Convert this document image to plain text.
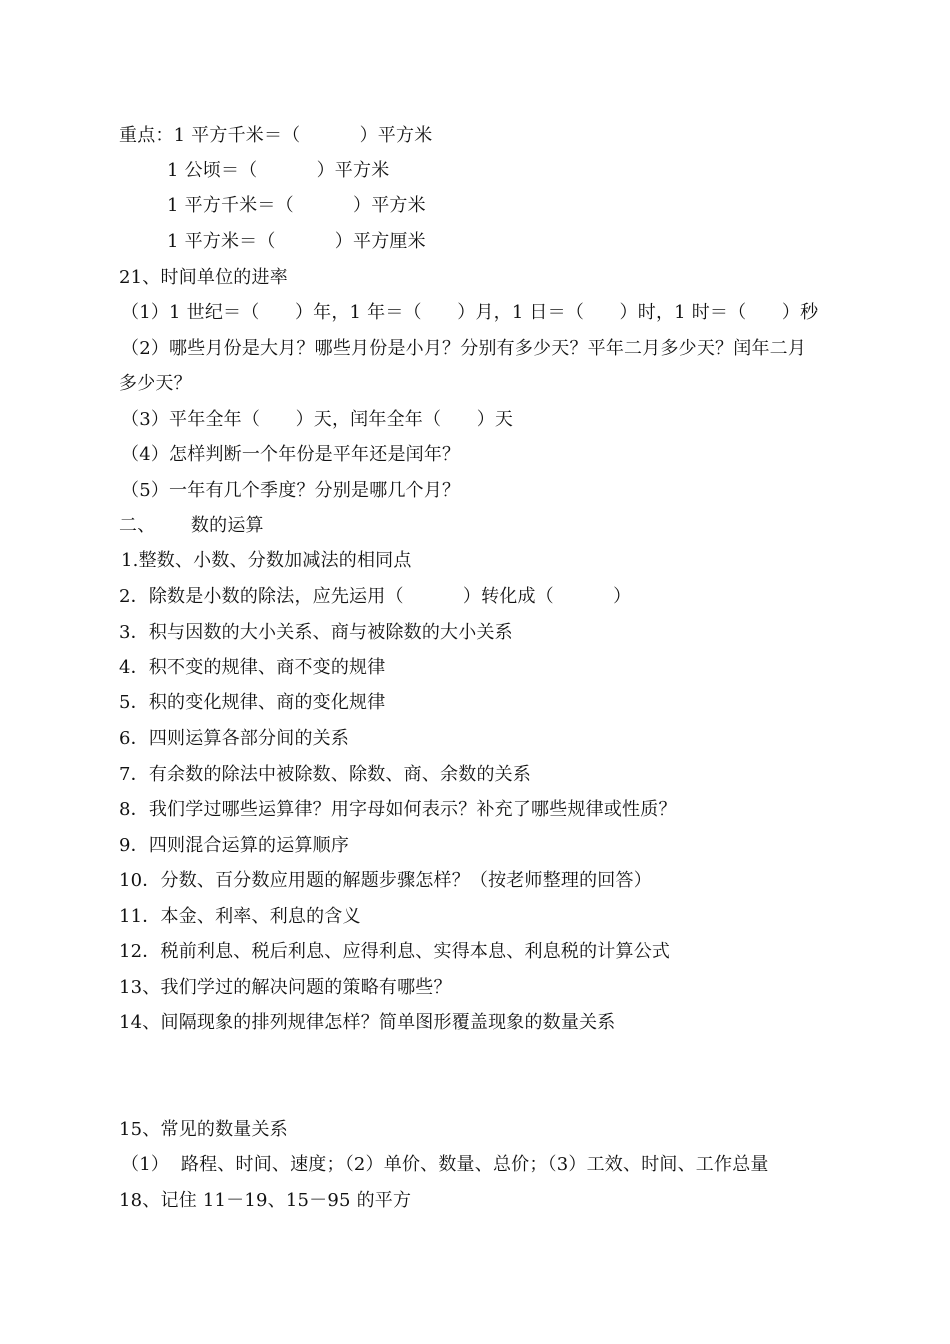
重点：1 平方千米＝（          ）平方米
1 公顷＝（          ）平方米
1 平方千米＝（          ）平方米
1 平方米＝（          ）平方厘米
21、时间单位的进率
（1）1 世纪＝（      ）年，1 年＝（      ）月，1 日＝（      ）时，1 时＝（      ）秒
（2）哪些月份是大月？哪些月份是小月？分别有多少天？平年二月多少天？闰年二月
多少天？
（3）平年全年（      ）天，闰年全年（      ）天
（4）怎样判断一个年份是平年还是闰年？
（5）一年有几个季度？分别是哪几个月？
二、      数的运算
1.整数、小数、分数加减法的相同点
2．除数是小数的除法，应先运用（          ）转化成（          ）
3．积与因数的大小关系、商与被除数的大小关系
4．积不变的规律、商不变的规律
5．积的变化规律、商的变化规律
6．四则运算各部分间的关系
7．有余数的除法中被除数、除数、商、余数的关系
8．我们学过哪些运算律？用字母如何表示？补充了哪些规律或性质？
9．四则混合运算的运算顺序
10．分数、百分数应用题的解题步骤怎样？（按老师整理的回答）
11．本金、利率、利息的含义
12．税前利息、税后利息、应得利息、实得本息、利息税的计算公式
13、我们学过的解决问题的策略有哪些？
14、间隔现象的排列规律怎样？简单图形覆盖现象的数量关系
15、常见的数量关系
（1）  路程、时间、速度；（2）单价、数量、总价；（3）工效、时间、工作总量
18、记住 11－19、15－95 的平方
